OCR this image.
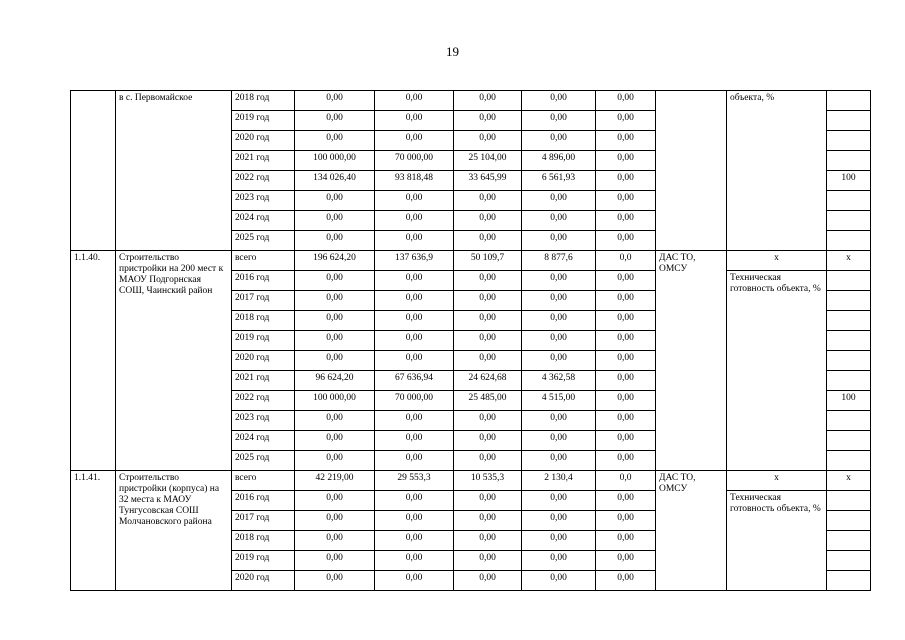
19
	в с. Первомайское	2018 год	0,00	0,00	0,00	0,00	0,00		объекта, %	
		2019 год	0,00	0,00	0,00	0,00	0,00			
		2020 год	0,00	0,00	0,00	0,00	0,00			
		2021 год	100 000,00	70 000,00	25 104,00	4 896,00	0,00			
		2022 год	134 026,40	93 818,48	33 645,99	6 561,93	0,00			100
		2023 год	0,00	0,00	0,00	0,00	0,00			
		2024 год	0,00	0,00	0,00	0,00	0,00			
		2025 год	0,00	0,00	0,00	0,00	0,00			
1.1.40.	Строительство пристройки на 200 мест к МАОУ Подгорнская СОШ, Чаинский район	всего	196 624,20	137 636,9	50 109,7	8 877,6	0,0	ДАС ТО, ОМСУ	х	х
		2016 год	0,00	0,00	0,00	0,00	0,00		Техническая готовность объекта, %	
		2017 год	0,00	0,00	0,00	0,00	0,00			
		2018 год	0,00	0,00	0,00	0,00	0,00			
		2019 год	0,00	0,00	0,00	0,00	0,00			
		2020 год	0,00	0,00	0,00	0,00	0,00			
		2021 год	96 624,20	67 636,94	24 624,68	4 362,58	0,00			
		2022 год	100 000,00	70 000,00	25 485,00	4 515,00	0,00			100
		2023 год	0,00	0,00	0,00	0,00	0,00			
		2024 год	0,00	0,00	0,00	0,00	0,00			
		2025 год	0,00	0,00	0,00	0,00	0,00			
1.1.41.	Строительство пристройки (корпуса) на 32 места к МАОУ Тунгусовская СОШ Молчановского района	всего	42 219,00	29 553,3	10 535,3	2 130,4	0,0	ДАС ТО, ОМСУ	х	х
		2016 год	0,00	0,00	0,00	0,00	0,00		Техническая готовность объекта, %	
		2017 год	0,00	0,00	0,00	0,00	0,00			
		2018 год	0,00	0,00	0,00	0,00	0,00			
		2019 год	0,00	0,00	0,00	0,00	0,00			
		2020 год	0,00	0,00	0,00	0,00	0,00			
